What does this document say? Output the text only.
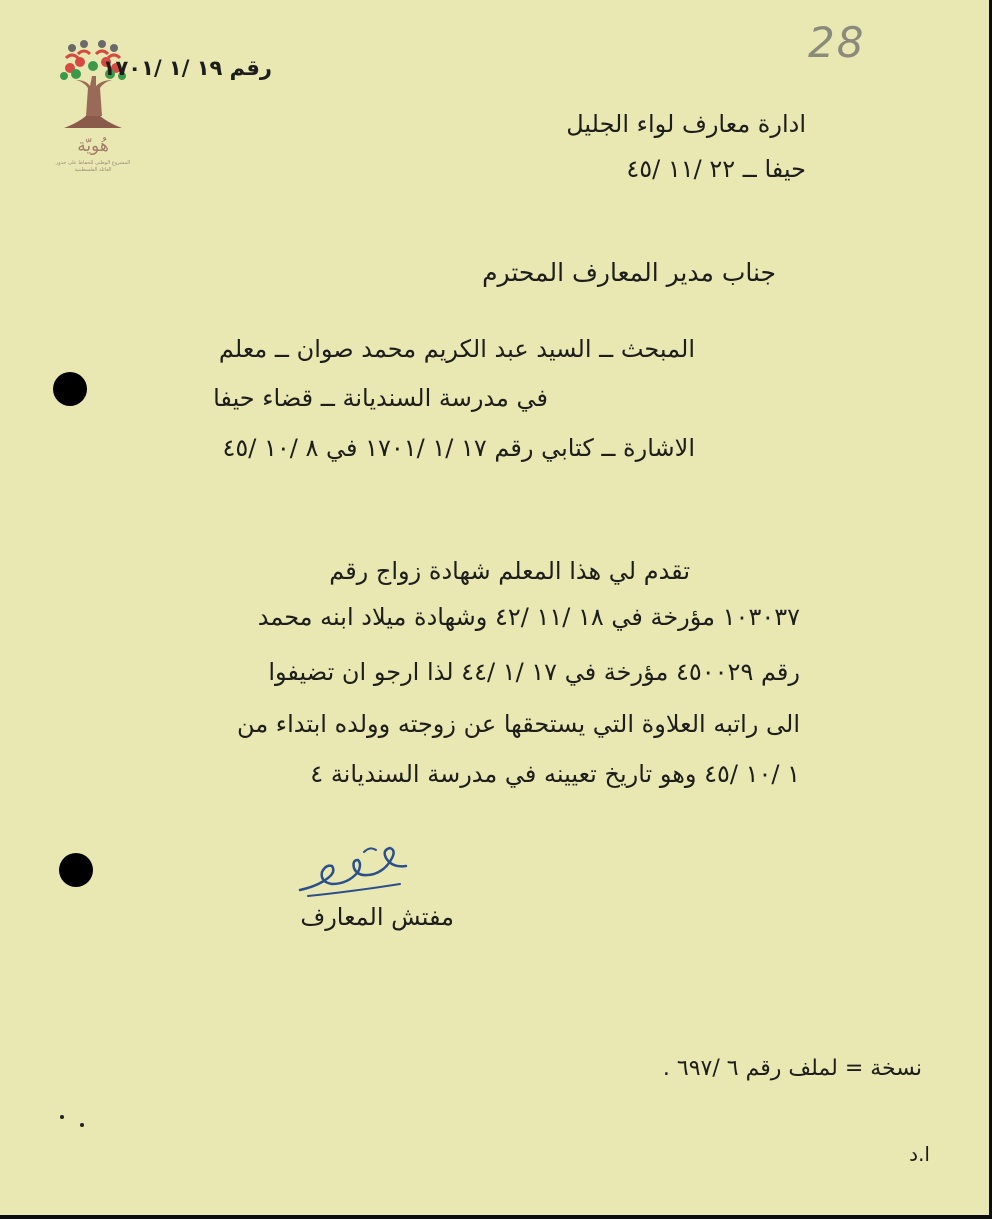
هُويّة
المشروع الوطني للحفاظ على جذور العائلة الفلسطينية
28
رقم ١٩ /١ /١٧٠١
ادارة معارف لواء الجليل
حيفا ــ ٢٢ /١١ /٤٥
جناب مدير المعارف المحترم
المبحث ــ السيد عبد الكريم محمد صوان ــ معلم
في مدرسة السنديانة ــ قضاء حيفا
الاشارة ــ كتابي رقم ١٧ /١ /١٧٠١ في ٨ /١٠ /٤٥
تقدم لي هذا المعلم شهادة زواج رقم
١٠٣٠٣٧ مؤرخة في ١٨ /١١ /٤٢ وشهادة ميلاد ابنه محمد
رقم ٤٥٠٠٢٩ مؤرخة في ١٧ /١ /٤٤ لذا ارجو ان تضيفوا
الى راتبه العلاوة التي يستحقها عن زوجته وولده ابتداء من
١ /١٠ /٤٥ وهو تاريخ تعيينه في مدرسة السنديانة ٤
مفتش المعارف
نسخة = لملف رقم ٦ /٦٩٧ .
ا.د
